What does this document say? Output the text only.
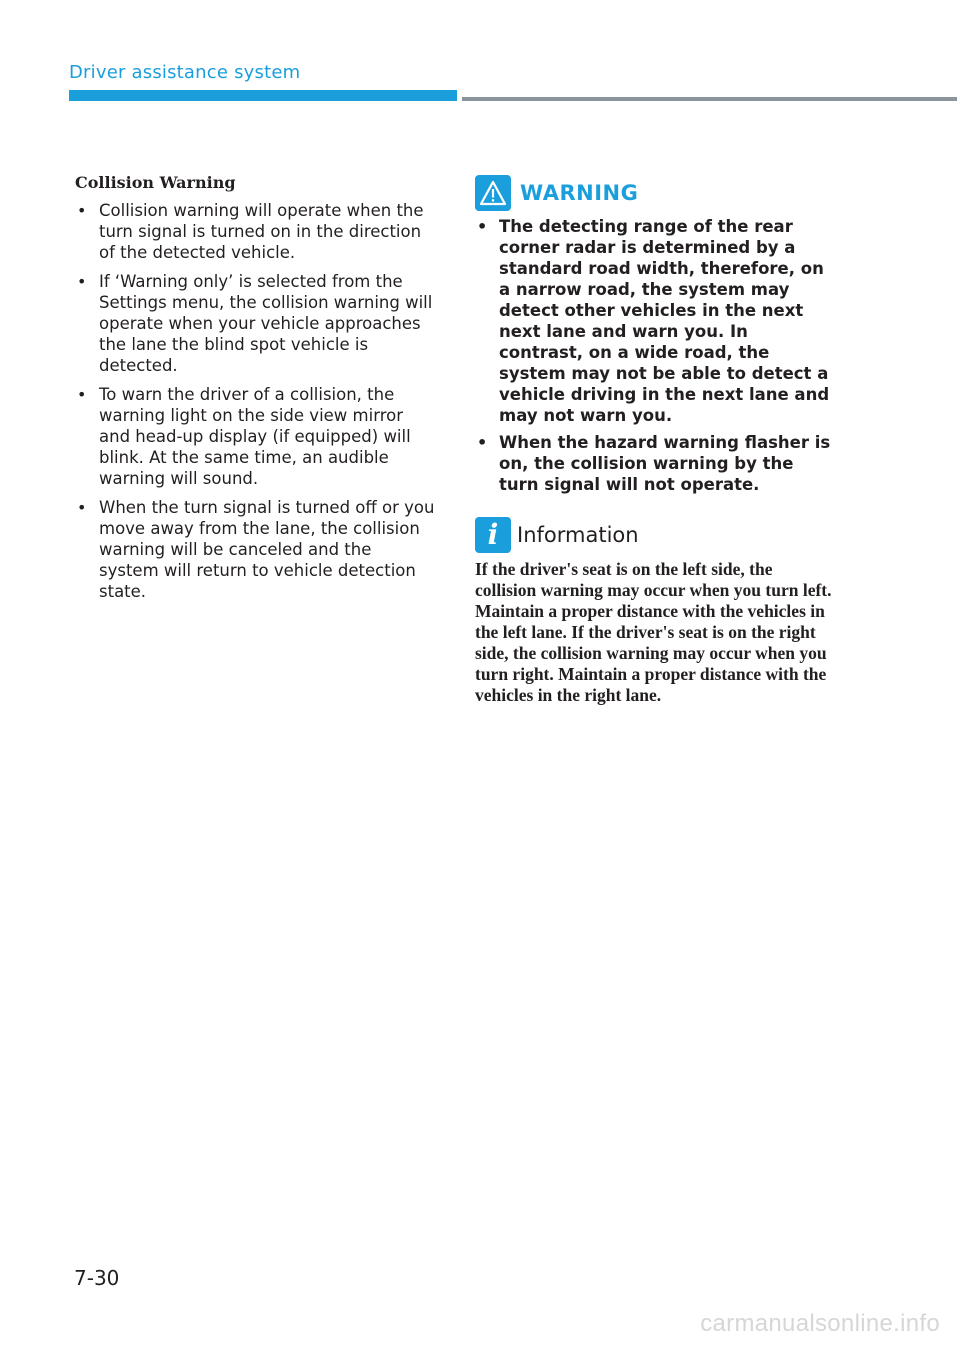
Driver assistance system
Collision Warning
• Collision warning will operate when the turn signal is turned on in the direction of the detected vehicle.
• If ‘Warning only’ is selected from the Settings menu, the collision warning will operate when your vehicle approaches the lane the blind spot vehicle is detected.
• To warn the driver of a collision, the warning light on the side view mirror and head-up display (if equipped) will blink. At the same time, an audible warning will sound.
• When the turn signal is turned off or you move away from the lane, the collision warning will be canceled and the system will return to vehicle detection state.
WARNING
• The detecting range of the rear corner radar is determined by a standard road width, therefore, on a narrow road, the system may detect other vehicles in the next next lane and warn you. In contrast, on a wide road, the system may not be able to detect a vehicle driving in the next lane and may not warn you.
• When the hazard warning flasher is on, the collision warning by the turn signal will not operate.
i Information

If the driver's seat is on the left side, the collision warning may occur when you turn left. Maintain a proper distance with the vehicles in the left lane. If the driver's seat is on the right side, the collision warning may occur when you turn right. Maintain a proper distance with the vehicles in the right lane.

7-30
carmanualsonline.info
